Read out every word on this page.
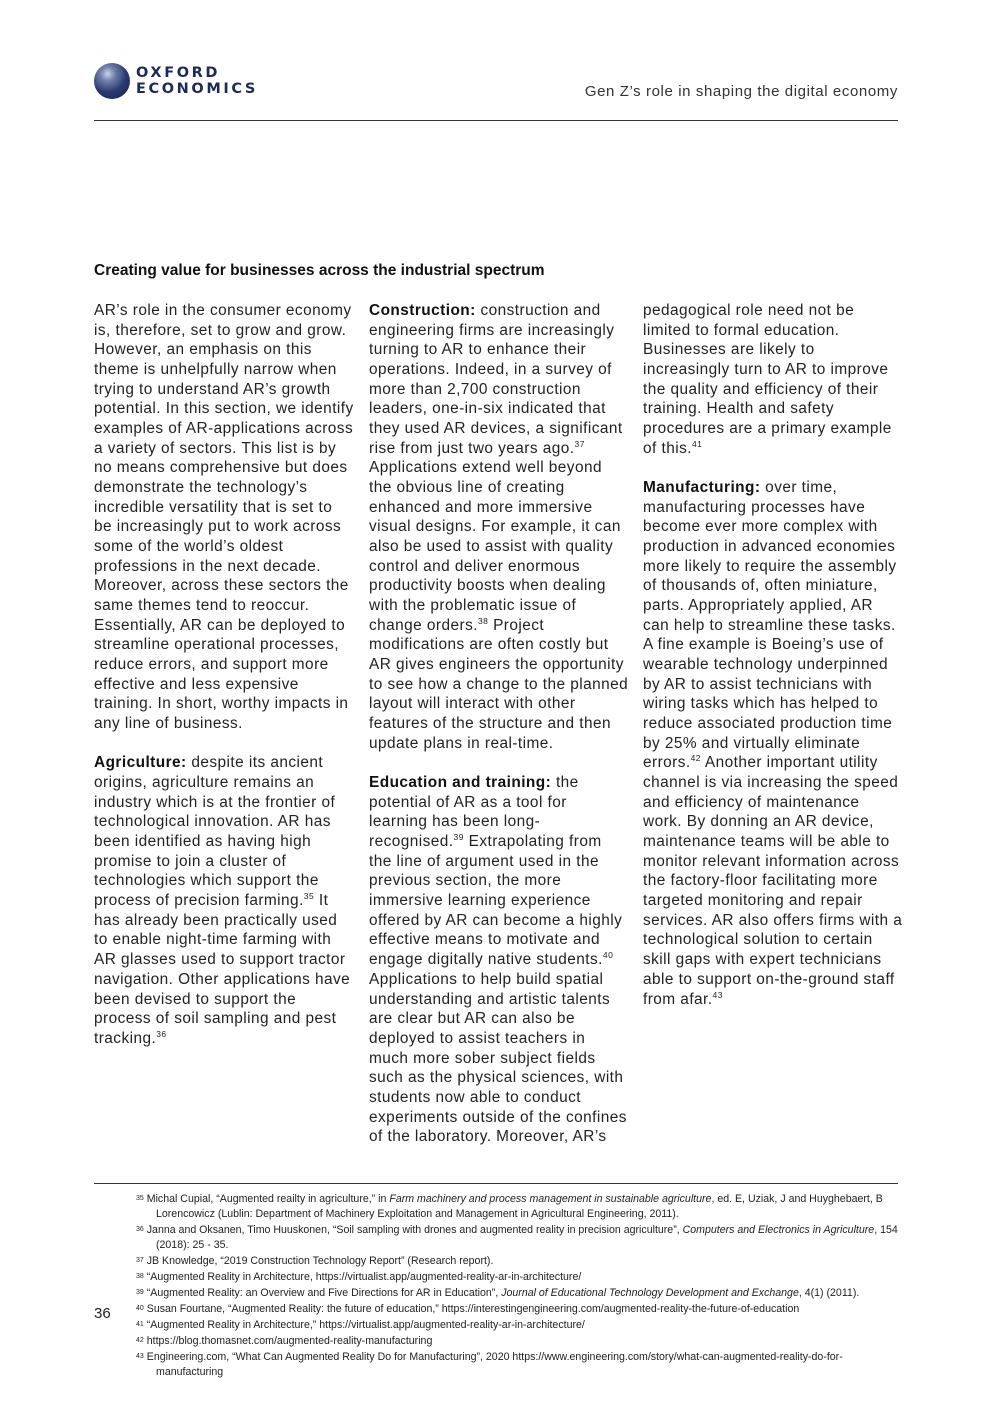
OXFORD
ECONOMICS	Gen Z’s role in shaping the digital economy
Creating value for businesses across the industrial spectrum

AR’s role in the consumer economy is, therefore, set to grow and grow. However, an emphasis on this theme is unhelpfully narrow when trying to understand AR’s growth potential. In this section, we identify examples of AR-applications across a variety of sectors. This list is by no means comprehensive but does demonstrate the technology’s incredible versatility that is set to be increasingly put to work across some of the world’s oldest professions in the next decade. Moreover, across these sectors the same themes tend to reoccur. Essentially, AR can be deployed to streamline operational processes, reduce errors, and support more effective and less expensive training. In short, worthy impacts in any line of business.

Agriculture: despite its ancient origins, agriculture remains an industry which is at the frontier of technological innovation. AR has been identified as having high promise to join a cluster of technologies which support the process of precision farming.$^{35}$ It has already been practically used to enable night-time farming with AR glasses used to support tractor navigation. Other applications have been devised to support the process of soil sampling and pest tracking.$^{36}$

Construction: construction and engineering firms are increasingly turning to AR to enhance their operations. Indeed, in a survey of more than 2,700 construction leaders, one-in-six indicated that they used AR devices, a significant rise from just two years ago.$^{37}$ Applications extend well beyond the obvious line of creating enhanced and more immersive visual designs. For example, it can also be used to assist with quality control and deliver enormous productivity boosts when dealing with the problematic issue of change orders.$^{38}$ Project modifications are often costly but AR gives engineers the opportunity to see how a change to the planned layout will interact with other features of the structure and then update plans in real-time.

Education and training: the potential of AR as a tool for learning has been long-recognised.$^{39}$ Extrapolating from the line of argument used in the previous section, the more immersive learning experience offered by AR can become a highly effective means to motivate and engage digitally native students.$^{40}$ Applications to help build spatial understanding and artistic talents are clear but AR can also be deployed to assist teachers in much more sober subject fields such as the physical sciences, with students now able to conduct experiments outside of the confines of the laboratory. Moreover, AR’s

pedagogical role need not be limited to formal education. Businesses are likely to increasingly turn to AR to improve the quality and efficiency of their training. Health and safety procedures are a primary example of this.$^{41}$

Manufacturing: over time, manufacturing processes have become ever more complex with production in advanced economies more likely to require the assembly of thousands of, often miniature, parts. Appropriately applied, AR can help to streamline these tasks. A fine example is Boeing’s use of wearable technology underpinned by AR to assist technicians with wiring tasks which has helped to reduce associated production time by 25% and virtually eliminate errors.$^{42}$ Another important utility channel is via increasing the speed and efficiency of maintenance work. By donning an AR device, maintenance teams will be able to monitor relevant information across the factory-floor facilitating more targeted monitoring and repair services. AR also offers firms with a technological solution to certain skill gaps with expert technicians able to support on-the-ground staff from afar.$^{43}$

35 Michal Cupial, “Augmented reailty in agriculture,” in Farm machinery and process management in sustainable agriculture, ed. E, Uziak, J and Huyghebaert, B Lorencowicz (Lublin: Department of Machinery Exploitation and Management in Agricultural Engineering, 2011).
36 Janna and Oksanen, Timo Huuskonen, “Soil sampling with drones and augmented reality in precision agriculture”, Computers and Electronics in Agriculture, 154 (2018): 25 - 35.
37 JB Knowledge, “2019 Construction Technology Report” (Research report).
38 “Augmented Reality in Architecture, https://virtualist.app/augmented-reality-ar-in-architecture/
39 “Augmented Reality: an Overview and Five Directions for AR in Education”, Journal of Educational Technology Development and Exchange, 4(1) (2011).
40 Susan Fourtane, “Augmented Reality: the future of education,” https://interestingengineering.com/augmented-reality-the-future-of-education
41 “Augmented Reality in Architecture,” https://virtualist.app/augmented-reality-ar-in-architecture/
42 https://blog.thomasnet.com/augmented-reality-manufacturing
43 Engineering.com, “What Can Augmented Reality Do for Manufacturing”, 2020 https://www.engineering.com/story/what-can-augmented-reality-do-for-manufacturing
36
